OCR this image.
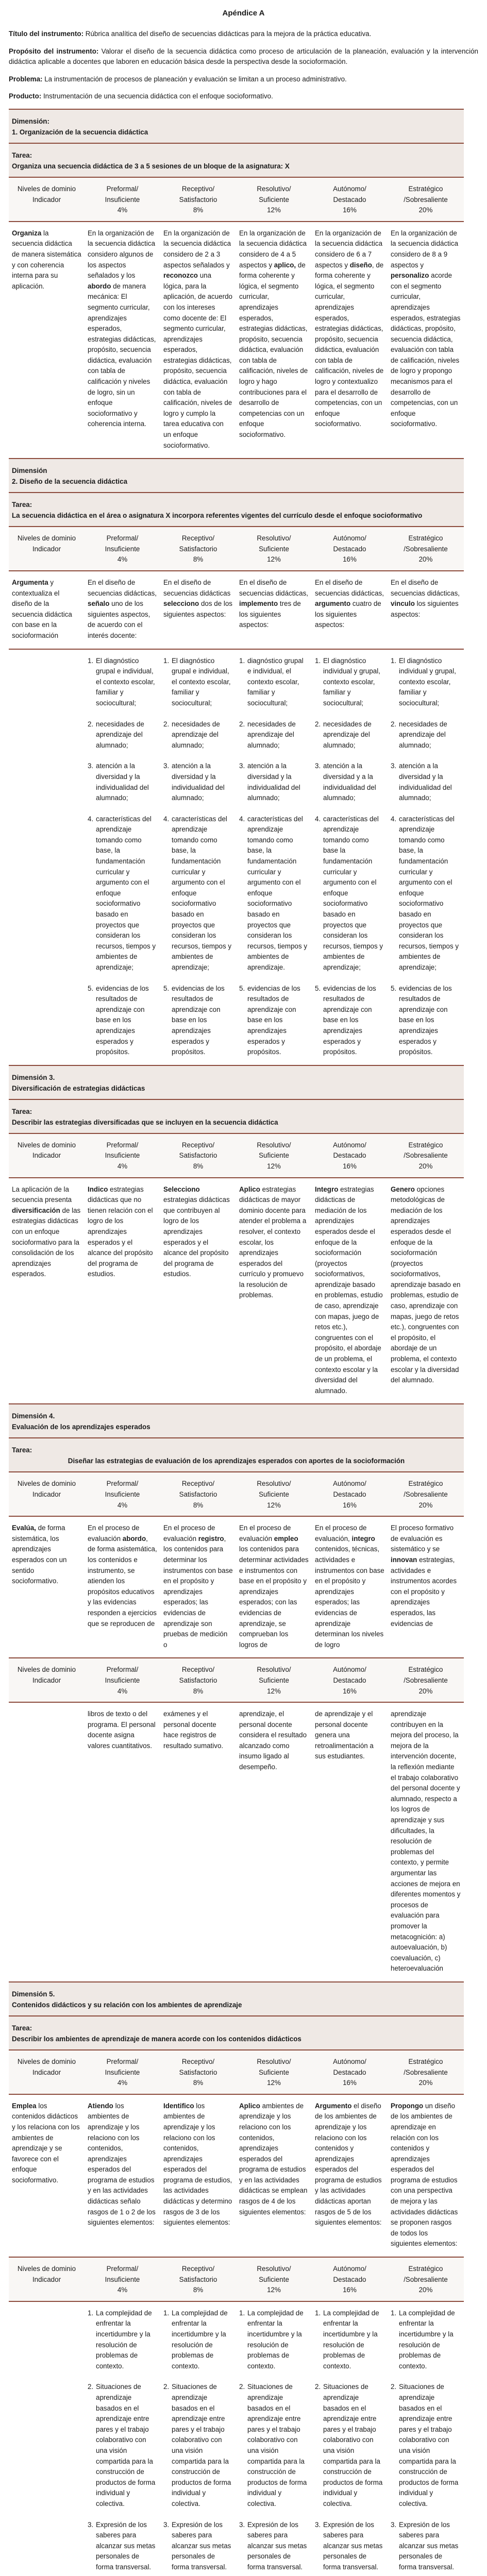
Apéndice A

Título del instrumento: Rúbrica analítica del diseño de secuencias didácticas para la mejora de la práctica educativa.

Propósito del instrumento: Valorar el diseño de la secuencia didáctica como proceso de articulación de la planeación, evaluación y la intervención didáctica aplicable a docentes que laboren en educación básica desde la perspectiva desde la socioformación.

Problema: La instrumentación de procesos de planeación y evaluación se limitan a un proceso administrativo.

Producto: Instrumentación de una secuencia didáctica con el enfoque socioformativo.

Dimensión:
1. Organización de la secuencia didáctica
Tarea:
Organiza una secuencia didáctica de 3 a 5 sesiones de un bloque de la asignatura: X
Niveles de dominio
Indicador
Preformal/
Insuficiente
4%
Receptivo/
Satisfactorio
8%
Resolutivo/
Suficiente
12%
Autónomo/
Destacado
16%
Estratégico
/Sobresaliente
20%
Organiza la secuencia didáctica de manera sistemática y con coherencia interna para su aplicación.
En la organización de la secuencia didáctica considero algunos de los aspectos señalados y los abordo de manera mecánica: El segmento curricular, aprendizajes esperados, estrategias didácticas, propósito, secuencia didáctica, evaluación con tabla de calificación y niveles de logro, sin un enfoque socioformativo y coherencia interna.
En la organización de la secuencia didáctica considero de 2 a 3 aspectos señalados y reconozco una lógica, para la aplicación, de acuerdo con los intereses como docente de: El segmento curricular, aprendizajes esperados, estrategias didácticas, propósito, secuencia didáctica, evaluación con tabla de calificación, niveles de logro y cumplo la tarea educativa con un enfoque socioformativo.
En la organización de la secuencia didáctica considero de 4 a 5 aspectos y aplico, de forma coherente y lógica, el segmento curricular, aprendizajes esperados, estrategias didácticas, propósito, secuencia didáctica, evaluación con tabla de calificación, niveles de logro y hago contribuciones para el desarrollo de competencias con un enfoque socioformativo.
En la organización de la secuencia didáctica considero de 6 a 7 aspectos y diseño, de forma coherente y lógica, el segmento curricular, aprendizajes esperados, estrategias didácticas, propósito, secuencia didáctica, evaluación con tabla de calificación, niveles de logro y contextualizo para el desarrollo de competencias, con un enfoque socioformativo.
En la organización de la secuencia didáctica considero de 8 a 9 aspectos y personalizo acorde con el segmento curricular, aprendizajes esperados, estrategias didácticas, propósito, secuencia didáctica, evaluación con tabla de calificación, niveles de logro y propongo mecanismos para el desarrollo de competencias, con un enfoque socioformativo.
Dimensión
2. Diseño de la secuencia didáctica
Tarea:
La secuencia didáctica en el área o asignatura X incorpora referentes vigentes del currículo desde el enfoque socioformativo
Niveles de dominio
Indicador
Preformal/
Insuficiente
4%
Receptivo/
Satisfactorio
8%
Resolutivo/
Suficiente
12%
Autónomo/
Destacado
16%
Estratégico
/Sobresaliente
20%
Argumenta y contextualiza el diseño de la secuencia didáctica con base en la socioformación
En el diseño de secuencias didácticas, señalo uno de los siguientes aspectos, de acuerdo con el interés docente:
En el diseño de secuencias didácticas selecciono dos de los siguientes aspectos:
En el diseño de secuencias didácticas, implemento tres de los siguientes aspectos:
En el diseño de secuencias didácticas, argumento cuatro de los siguientes aspectos:
En el diseño de secuencias didácticas, vinculo los siguientes aspectos:
1. El diagnóstico grupal e individual, el contexto escolar, familiar y sociocultural;
2. necesidades de aprendizaje del alumnado;
3. atención a la diversidad y la individualidad del alumnado;
4. características del aprendizaje tomando como base, la fundamentación curricular y argumento con el enfoque socioformativo basado en proyectos que consideran los recursos, tiempos y ambientes de aprendizaje;
5. evidencias de los resultados de aprendizaje con base en los aprendizajes esperados y propósitos.
1. El diagnóstico grupal e individual, el contexto escolar, familiar y sociocultural;
2. necesidades de aprendizaje del alumnado;
3. atención a la diversidad y la individualidad del alumnado;
4. características del aprendizaje tomando como base, la fundamentación curricular y argumento con el enfoque socioformativo basado en proyectos que consideran los recursos, tiempos y ambientes de aprendizaje;
5. evidencias de los resultados de aprendizaje con base en los aprendizajes esperados y propósitos.
1. diagnóstico grupal e individual, el contexto escolar, familiar y sociocultural;
2. necesidades de aprendizaje del alumnado;
3. atención a la diversidad y la individualidad del alumnado;
4. características del aprendizaje tomando como base, la fundamentación curricular y argumento con el enfoque socioformativo basado en proyectos que consideran los recursos, tiempos y ambientes de aprendizaje.
5. evidencias de los resultados de aprendizaje con base en los aprendizajes esperados y propósitos.
1. El diagnóstico individual y grupal, contexto escolar, familiar y sociocultural;
2. necesidades de aprendizaje del alumnado;
3. atención a la diversidad y a la individualidad del alumnado;
4. características del aprendizaje tomando como base la fundamentación curricular y argumento con el enfoque socioformativo basado en proyectos que consideran los recursos, tiempos y ambientes de aprendizaje;
5. evidencias de los resultados de aprendizaje con base en los aprendizajes esperados y propósitos.
1. El diagnóstico individual y grupal, contexto escolar, familiar y sociocultural;
2. necesidades de aprendizaje del alumnado;
3. atención a la diversidad y la individualidad del alumnado;
4. características del aprendizaje tomando como base, la fundamentación curricular y argumento con el enfoque socioformativo basado en proyectos que consideran los recursos, tiempos y ambientes de aprendizaje;
5. evidencias de los resultados de aprendizaje con base en los aprendizajes esperados y propósitos.
Dimensión 3.
Diversificación de estrategias didácticas
Tarea:
Describir las estrategias diversificadas que se incluyen en la secuencia didáctica
Niveles de dominio
Indicador
Preformal/
Insuficiente
4%
Receptivo/
Satisfactorio
8%
Resolutivo/
Suficiente
12%
Autónomo/
Destacado
16%
Estratégico
/Sobresaliente
20%
La aplicación de la secuencia presenta diversificación de las estrategias didácticas con un enfoque socioformativo para la consolidación de los aprendizajes esperados.
Indico estrategias didácticas que no tienen relación con el logro de los aprendizajes esperados y el alcance del propósito del programa de estudios.
Selecciono estrategias didácticas que contribuyen al logro de los aprendizajes esperados y el alcance del propósito del programa de estudios.
Aplico estrategias didácticas de mayor dominio docente para atender el problema a resolver, el contexto escolar, los aprendizajes esperados del currículo y promuevo la resolución de problemas.
Integro estrategias didácticas de mediación de los aprendizajes esperados desde el enfoque de la socioformación (proyectos socioformativos, aprendizaje basado en problemas, estudio de caso, aprendizaje con mapas, juego de retos etc.), congruentes con el propósito, el abordaje de un problema, el contexto escolar y la diversidad del alumnado.
Genero opciones metodológicas de mediación de los aprendizajes esperados desde el enfoque de la socioformación (proyectos socioformativos, aprendizaje basado en problemas, estudio de caso, aprendizaje con mapas, juego de retos etc.), congruentes con el propósito, el abordaje de un problema, el contexto escolar y la diversidad del alumnado.
Dimensión 4.
Evaluación de los aprendizajes esperados
Tarea:
Diseñar las estrategias de evaluación de los aprendizajes esperados con aportes de la socioformación
Niveles de dominio
Indicador
Preformal/
Insuficiente
4%
Receptivo/
Satisfactorio
8%
Resolutivo/
Suficiente
12%
Autónomo/
Destacado
16%
Estratégico
/Sobresaliente
20%
Evalúa, de forma sistemática, los aprendizajes esperados con un sentido socioformativo.
En el proceso de evaluación abordo, de forma asistemática, los contenidos e instrumento, se atienden los propósitos educativos y las evidencias responden a ejercicios que se reproducen de
En el proceso de evaluación registro, los contenidos para determinar los instrumentos con base en el propósito y aprendizajes esperados; las evidencias de aprendizaje son pruebas de medición o
En el proceso de evaluación empleo los contenidos para determinar actividades e instrumentos con base en el propósito y aprendizajes esperados; con las evidencias de aprendizaje, se comprueban los logros de
En el proceso de evaluación, integro contenidos, técnicas, actividades e instrumentos con base en el propósito y aprendizajes esperados; las evidencias de aprendizaje determinan los niveles de logro
El proceso formativo de evaluación es sistemático y se innovan estrategias, actividades e instrumentos acordes con el propósito y aprendizajes esperados, las evidencias de
Niveles de dominio
Indicador
Preformal/
Insuficiente
4%
Receptivo/
Satisfactorio
8%
Resolutivo/
Suficiente
12%
Autónomo/
Destacado
16%
Estratégico
/Sobresaliente
20%
libros de texto o del programa. El personal docente asigna valores cuantitativos.
exámenes y el personal docente hace registros de resultado sumativo.
aprendizaje, el personal docente considera el resultado alcanzado como insumo ligado al desempeño.
de aprendizaje y el personal docente genera una retroalimentación a sus estudiantes.
aprendizaje contribuyen en la mejora del proceso, la mejora de la intervención docente, la reflexión mediante el trabajo colaborativo del personal docente y alumnado, respecto a los logros de aprendizaje y sus dificultades, la resolución de problemas del contexto, y permite argumentar las acciones de mejora en diferentes momentos y procesos de evaluación para promover la metacognición: a) autoevaluación, b) coevaluación, c) heteroevaluación
Dimensión 5.
Contenidos didácticos y su relación con los ambientes de aprendizaje
Tarea:
Describir los ambientes de aprendizaje de manera acorde con los contenidos didácticos
Niveles de dominio
Indicador
Preformal/
Insuficiente
4%
Receptivo/
Satisfactorio
8%
Resolutivo/
Suficiente
12%
Autónomo/
Destacado
16%
Estratégico
/Sobresaliente
20%
Emplea los contenidos didácticos y los relaciona con los ambientes de aprendizaje y se favorece con el enfoque socioformativo.
Atiendo los ambientes de aprendizaje y los relaciono con los contenidos, aprendizajes esperados del programa de estudios y en las actividades didácticas señalo rasgos de 1 o 2 de los siguientes elementos:
Identifico los ambientes de aprendizaje y los relaciono con los contenidos, aprendizajes esperados del programa de estudios, las actividades didácticas y determino rasgos de 3 de los siguientes elementos:
Aplico ambientes de aprendizaje y los relaciono con los contenidos, aprendizajes esperados del programa de estudios y en las actividades didácticas se emplean rasgos de 4 de los siguientes elementos:
Argumento el diseño de los ambientes de aprendizaje y los relaciono con los contenidos y aprendizajes esperados del programa de estudios y las actividades didácticas aportan rasgos de 5 de los siguientes elementos:
Propongo un diseño de los ambientes de aprendizaje en relación con los contenidos y aprendizajes esperados del programa de estudios con una perspectiva de mejora y las actividades didácticas se proponen rasgos de todos los siguientes elementos:
Niveles de dominio
Indicador
Preformal/
Insuficiente
4%
Receptivo/
Satisfactorio
8%
Resolutivo/
Suficiente
12%
Autónomo/
Destacado
16%
Estratégico
/Sobresaliente
20%
1. La complejidad de enfrentar la incertidumbre y la resolución de problemas de contexto.
2. Situaciones de aprendizaje basados en el aprendizaje entre pares y el trabajo colaborativo con una visión compartida para la construcción de productos de forma individual y colectiva.
3. Expresión de los saberes para alcanzar sus metas personales de forma transversal.
1. La complejidad de enfrentar la incertidumbre y la resolución de problemas de contexto.
2. Situaciones de aprendizaje basados en el aprendizaje entre pares y el trabajo colaborativo con una visión compartida para la construcción de productos de forma individual y colectiva.
3. Expresión de los saberes para alcanzar sus metas personales de forma transversal.
1. La complejidad de enfrentar la incertidumbre y la resolución de problemas de contexto.
2. Situaciones de aprendizaje basados en el aprendizaje entre pares y el trabajo colaborativo con una visión compartida para la construcción de productos de forma individual y colectiva.
3. Expresión de los saberes para alcanzar sus metas personales de forma transversal.
1. La complejidad de enfrentar la incertidumbre y la resolución de problemas de contexto.
2. Situaciones de aprendizaje basados en el aprendizaje entre pares y el trabajo colaborativo con una visión compartida para la construcción de productos de forma individual y colectiva.
3. Expresión de los saberes para alcanzar sus metas personales de forma transversal.
1. La complejidad de enfrentar la incertidumbre y la resolución de problemas de contexto.
2. Situaciones de aprendizaje basados en el aprendizaje entre pares y el trabajo colaborativo con una visión compartida para la construcción de productos de forma individual y colectiva.
3. Expresión de los saberes para alcanzar sus metas personales de forma transversal.
